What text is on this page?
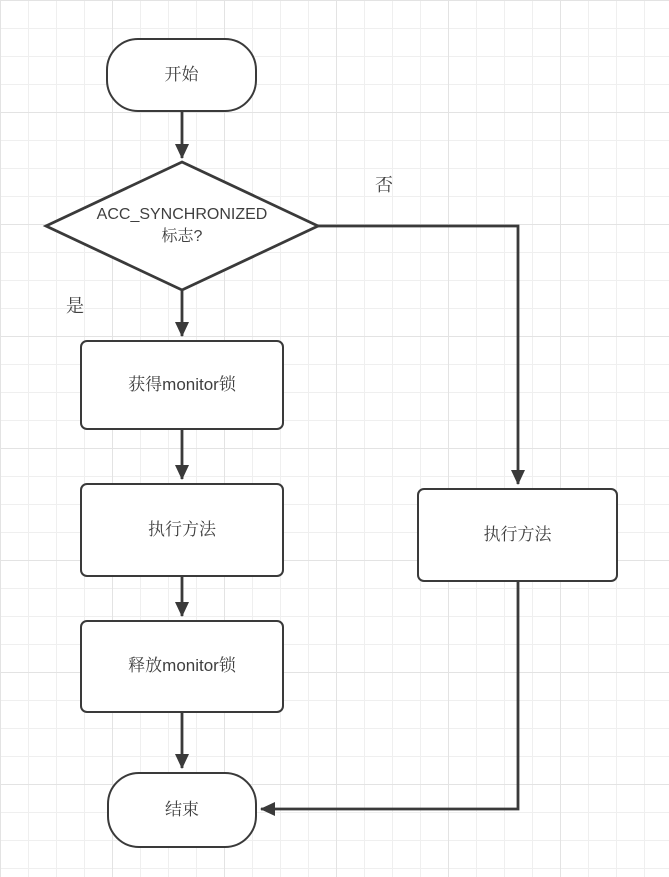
开始
ACC_SYNCHRONIZED
标志?
是
否
获得monitor锁
执行方法
释放monitor锁
执行方法
结束
